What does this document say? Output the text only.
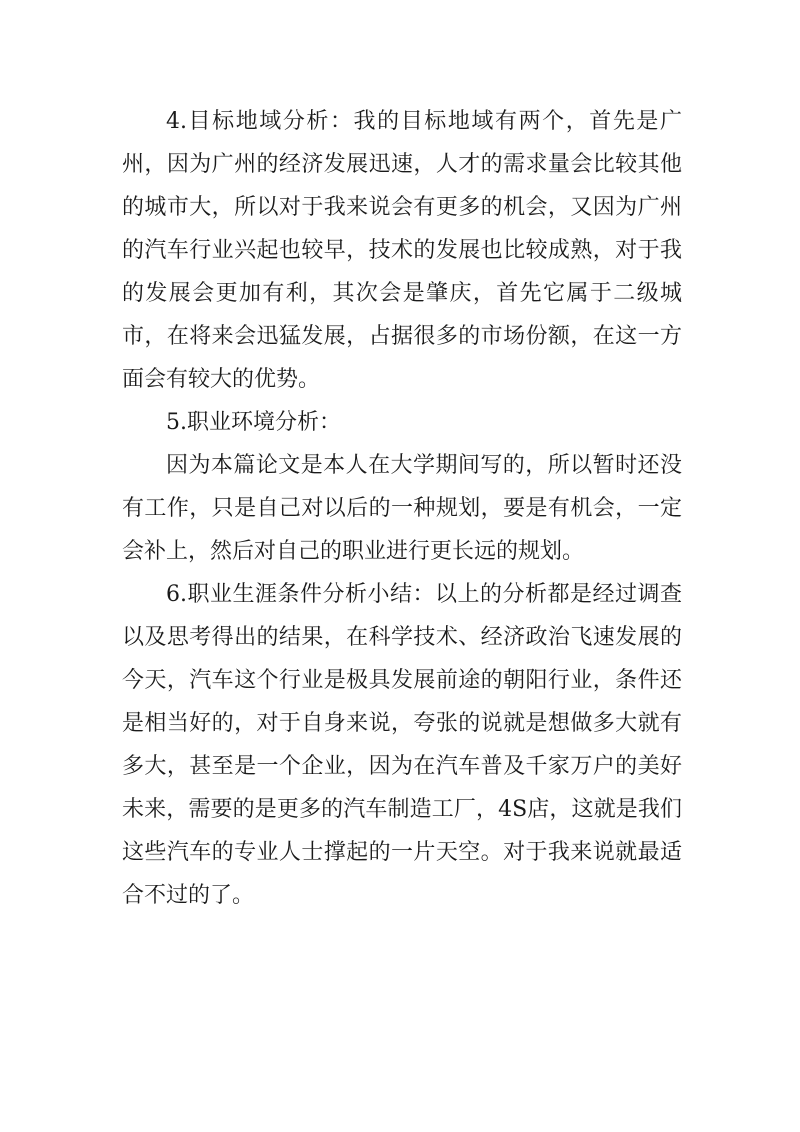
4.目标地域分析：我的目标地域有两个，首先是广州，因为广州的经济发展迅速，人才的需求量会比较其他的城市大，所以对于我来说会有更多的机会，又因为广州的汽车行业兴起也较早，技术的发展也比较成熟，对于我的发展会更加有利，其次会是肇庆，首先它属于二级城市，在将来会迅猛发展，占据很多的市场份额，在这一方面会有较大的优势。

5.职业环境分析：

因为本篇论文是本人在大学期间写的，所以暂时还没有工作，只是自己对以后的一种规划，要是有机会，一定会补上，然后对自己的职业进行更长远的规划。

6.职业生涯条件分析小结：以上的分析都是经过调查以及思考得出的结果，在科学技术、经济政治飞速发展的今天，汽车这个行业是极具发展前途的朝阳行业，条件还是相当好的，对于自身来说，夸张的说就是想做多大就有多大，甚至是一个企业，因为在汽车普及千家万户的美好未来，需要的是更多的汽车制造工厂，4S店，这就是我们这些汽车的专业人士撑起的一片天空。对于我来说就最适合不过的了。
